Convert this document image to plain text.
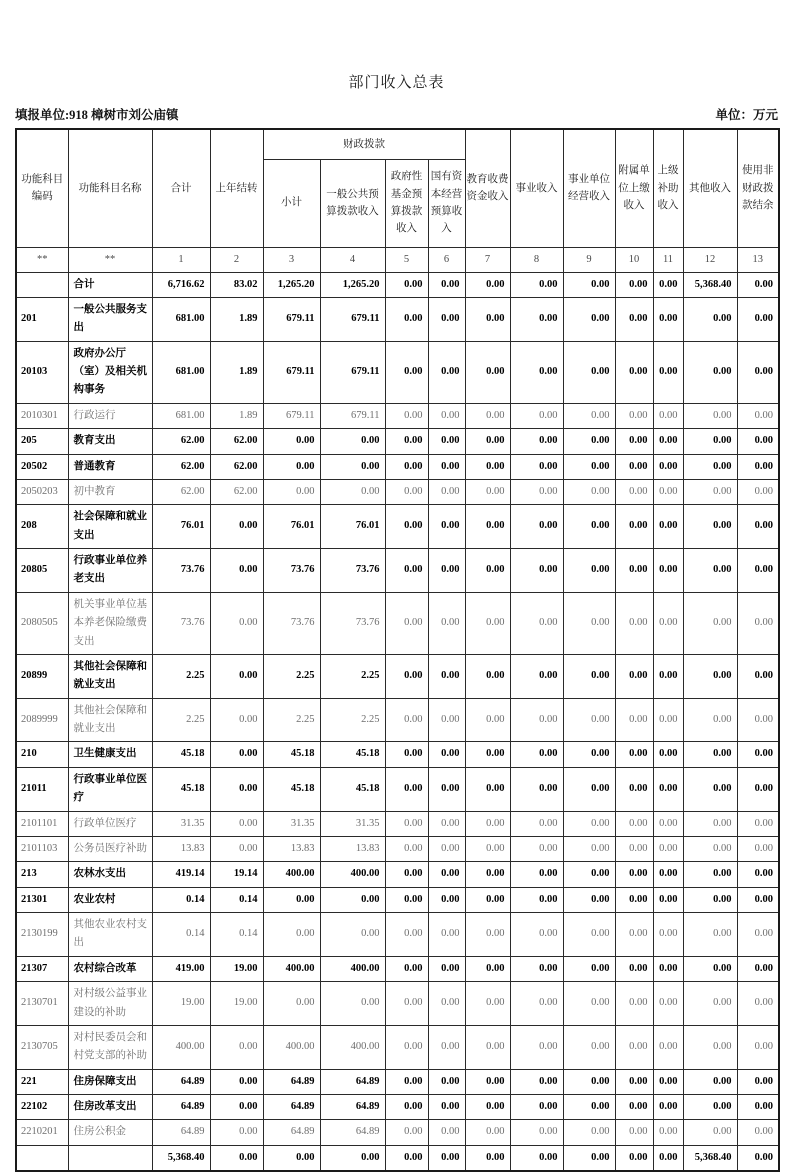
部门收入总表
填报单位:918 樟树市刘公庙镇	单位：万元
功能科目编码	功能科目名称	合计	上年结转	财政拨款				教育收费资金收入	事业收入	事业单位经营收入	附属单位上缴收入	上级补助收入	其他收入	使用非财政拨款结余
				小计	一般公共预算拨款收入	政府性基金预算拨款收入	国有资本经营预算收入							
**	**	1	2	3	4	5	6	7	8	9	10	11	12	13
	合计	6,716.62	83.02	1,265.20	1,265.20	0.00	0.00	0.00	0.00	0.00	0.00	0.00	5,368.40	0.00
201	一般公共服务支出	681.00	1.89	679.11	679.11	0.00	0.00	0.00	0.00	0.00	0.00	0.00	0.00	0.00
20103	政府办公厅（室）及相关机构事务	681.00	1.89	679.11	679.11	0.00	0.00	0.00	0.00	0.00	0.00	0.00	0.00	0.00
2010301	行政运行	681.00	1.89	679.11	679.11	0.00	0.00	0.00	0.00	0.00	0.00	0.00	0.00	0.00
205	教育支出	62.00	62.00	0.00	0.00	0.00	0.00	0.00	0.00	0.00	0.00	0.00	0.00	0.00
20502	普通教育	62.00	62.00	0.00	0.00	0.00	0.00	0.00	0.00	0.00	0.00	0.00	0.00	0.00
2050203	初中教育	62.00	62.00	0.00	0.00	0.00	0.00	0.00	0.00	0.00	0.00	0.00	0.00	0.00
208	社会保障和就业支出	76.01	0.00	76.01	76.01	0.00	0.00	0.00	0.00	0.00	0.00	0.00	0.00	0.00
20805	行政事业单位养老支出	73.76	0.00	73.76	73.76	0.00	0.00	0.00	0.00	0.00	0.00	0.00	0.00	0.00
2080505	机关事业单位基本养老保险缴费支出	73.76	0.00	73.76	73.76	0.00	0.00	0.00	0.00	0.00	0.00	0.00	0.00	0.00
20899	其他社会保障和就业支出	2.25	0.00	2.25	2.25	0.00	0.00	0.00	0.00	0.00	0.00	0.00	0.00	0.00
2089999	其他社会保障和就业支出	2.25	0.00	2.25	2.25	0.00	0.00	0.00	0.00	0.00	0.00	0.00	0.00	0.00
210	卫生健康支出	45.18	0.00	45.18	45.18	0.00	0.00	0.00	0.00	0.00	0.00	0.00	0.00	0.00
21011	行政事业单位医疗	45.18	0.00	45.18	45.18	0.00	0.00	0.00	0.00	0.00	0.00	0.00	0.00	0.00
2101101	行政单位医疗	31.35	0.00	31.35	31.35	0.00	0.00	0.00	0.00	0.00	0.00	0.00	0.00	0.00
2101103	公务员医疗补助	13.83	0.00	13.83	13.83	0.00	0.00	0.00	0.00	0.00	0.00	0.00	0.00	0.00
213	农林水支出	419.14	19.14	400.00	400.00	0.00	0.00	0.00	0.00	0.00	0.00	0.00	0.00	0.00
21301	农业农村	0.14	0.14	0.00	0.00	0.00	0.00	0.00	0.00	0.00	0.00	0.00	0.00	0.00
2130199	其他农业农村支出	0.14	0.14	0.00	0.00	0.00	0.00	0.00	0.00	0.00	0.00	0.00	0.00	0.00
21307	农村综合改革	419.00	19.00	400.00	400.00	0.00	0.00	0.00	0.00	0.00	0.00	0.00	0.00	0.00
2130701	对村级公益事业建设的补助	19.00	19.00	0.00	0.00	0.00	0.00	0.00	0.00	0.00	0.00	0.00	0.00	0.00
2130705	对村民委员会和村党支部的补助	400.00	0.00	400.00	400.00	0.00	0.00	0.00	0.00	0.00	0.00	0.00	0.00	0.00
221	住房保障支出	64.89	0.00	64.89	64.89	0.00	0.00	0.00	0.00	0.00	0.00	0.00	0.00	0.00
22102	住房改革支出	64.89	0.00	64.89	64.89	0.00	0.00	0.00	0.00	0.00	0.00	0.00	0.00	0.00
2210201	住房公积金	64.89	0.00	64.89	64.89	0.00	0.00	0.00	0.00	0.00	0.00	0.00	0.00	0.00
		5,368.40	0.00	0.00	0.00	0.00	0.00	0.00	0.00	0.00	0.00	0.00	5,368.40	0.00
